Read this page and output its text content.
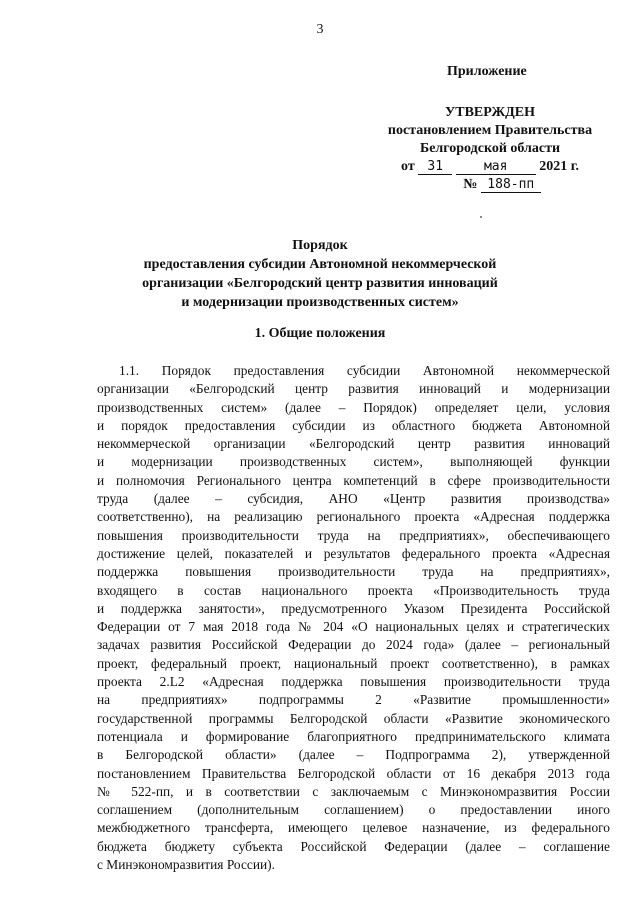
3
Приложение
УТВЕРЖДЕН
постановлением Правительства
Белгородской области
от 31	мая 2021 г.
№ 188-пп
Порядок
предоставления субсидии Автономной некоммерческой
организации «Белгородский центр развития инноваций
и модернизации производственных систем»
1. Общие положения
1.1. Порядок предоставления субсидии Автономной некоммерческой
организации «Белгородский центр развития инноваций и модернизации
производственных систем» (далее – Порядок) определяет цели, условия
и порядок предоставления субсидии из областного бюджета Автономной
некоммерческой организации «Белгородский центр развития инноваций
и модернизации производственных систем», выполняющей функции
и полномочия Регионального центра компетенций в сфере производительности
труда (далее – субсидия, АНО «Центр развития производства»
соответственно), на реализацию регионального проекта «Адресная поддержка
повышения производительности труда на предприятиях», обеспечивающего
достижение целей, показателей и результатов федерального проекта «Адресная
поддержка повышения производительности труда на предприятиях»,
входящего в состав национального проекта «Производительность труда
и поддержка занятости», предусмотренного Указом Президента Российской
Федерации от 7 мая 2018 года № 204 «О национальных целях и стратегических
задачах развития Российской Федерации до 2024 года» (далее – региональный
проект, федеральный проект, национальный проект соответственно), в рамках
проекта 2.L2 «Адресная поддержка повышения производительности труда
на предприятиях» подпрограммы 2 «Развитие промышленности»
государственной программы Белгородской области «Развитие экономического
потенциала и формирование благоприятного предпринимательского климата
в Белгородской области» (далее – Подпрограмма 2), утвержденной
постановлением Правительства Белгородской области от 16 декабря 2013 года
№ 522-пп, и в соответствии с заключаемым с Минэкономразвития России
соглашением (дополнительным соглашением) о предоставлении иного
межбюджетного трансферта, имеющего целевое назначение, из федерального
бюджета бюджету субъекта Российской Федерации (далее – соглашение
с Минэкономразвития России).
